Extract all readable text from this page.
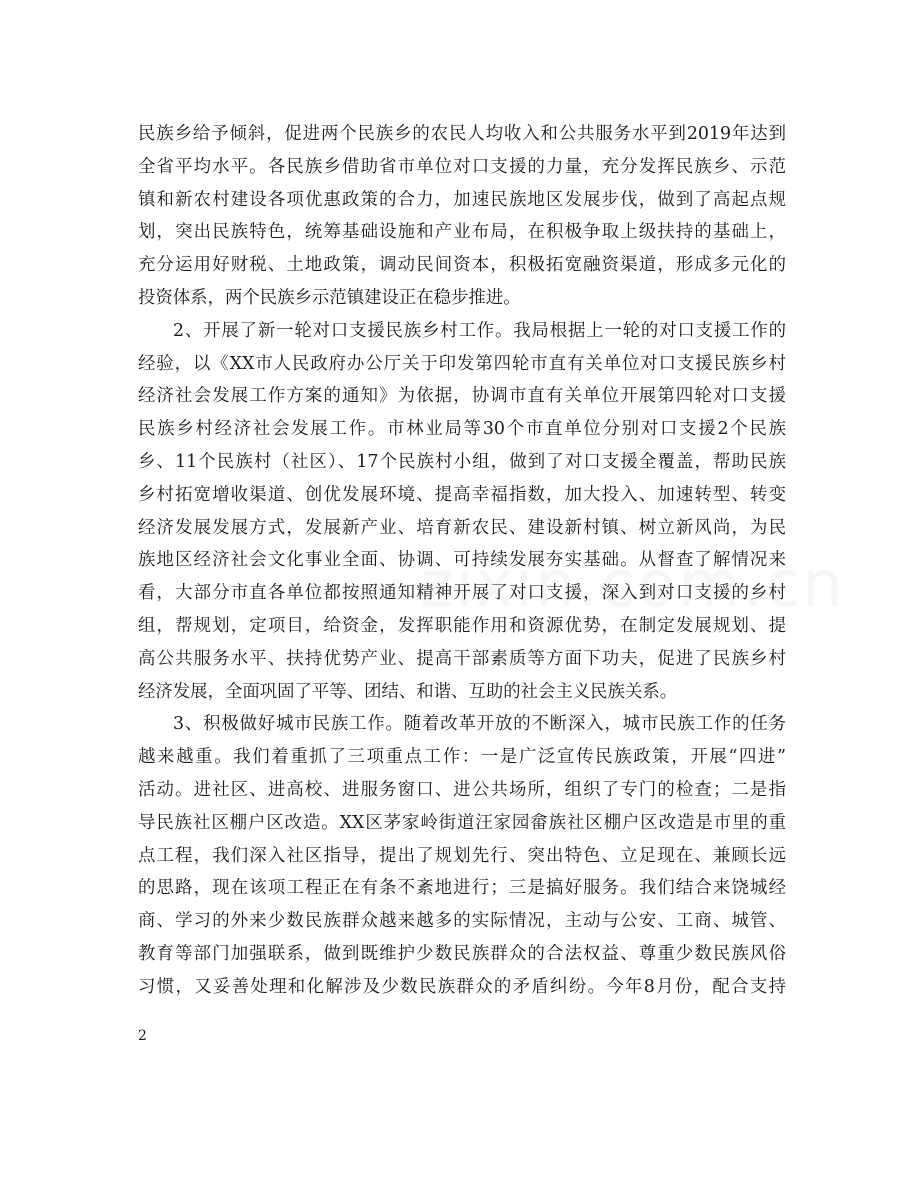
民族乡给予倾斜，促进两个民族乡的农民人均收入和公共服务水平到2019年达到
全省平均水平。各民族乡借助省市单位对口支援的力量，充分发挥民族乡、示范
镇和新农村建设各项优惠政策的合力，加速民族地区发展步伐，做到了高起点规
划，突出民族特色，统筹基础设施和产业布局，在积极争取上级扶持的基础上，
充分运用好财税、土地政策，调动民间资本，积极拓宽融资渠道，形成多元化的
投资体系，两个民族乡示范镇建设正在稳步推进。
2、开展了新一轮对口支援民族乡村工作。我局根据上一轮的对口支援工作的
经验，以《XX市人民政府办公厅关于印发第四轮市直有关单位对口支援民族乡村
经济社会发展工作方案的通知》为依据，协调市直有关单位开展第四轮对口支援
民族乡村经济社会发展工作。市林业局等30个市直单位分别对口支援2个民族
乡、11个民族村（社区）、17个民族村小组，做到了对口支援全覆盖，帮助民族
乡村拓宽增收渠道、创优发展环境、提高幸福指数，加大投入、加速转型、转变
经济发展发展方式，发展新产业、培育新农民、建设新村镇、树立新风尚，为民
族地区经济社会文化事业全面、协调、可持续发展夯实基础。从督查了解情况来
看，大部分市直各单位都按照通知精神开展了对口支援，深入到对口支援的乡村
组，帮规划，定项目，给资金，发挥职能作用和资源优势，在制定发展规划、提
高公共服务水平、扶持优势产业、提高干部素质等方面下功夫，促进了民族乡村
经济发展，全面巩固了平等、团结、和谐、互助的社会主义民族关系。
3、积极做好城市民族工作。随着改革开放的不断深入，城市民族工作的任务
越来越重。我们着重抓了三项重点工作：一是广泛宣传民族政策，开展“四进”
活动。进社区、进高校、进服务窗口、进公共场所，组织了专门的检查；二是指
导民族社区棚户区改造。XX区茅家岭街道汪家园畲族社区棚户区改造是市里的重
点工程，我们深入社区指导，提出了规划先行、突出特色、立足现在、兼顾长远
的思路，现在该项工程正在有条不紊地进行；三是搞好服务。我们结合来饶城经
商、学习的外来少数民族群众越来越多的实际情况，主动与公安、工商、城管、
教育等部门加强联系，做到既维护少数民族群众的合法权益、尊重少数民族风俗
习惯，又妥善处理和化解涉及少数民族群众的矛盾纠纷。今年8月份，配合支持
2
